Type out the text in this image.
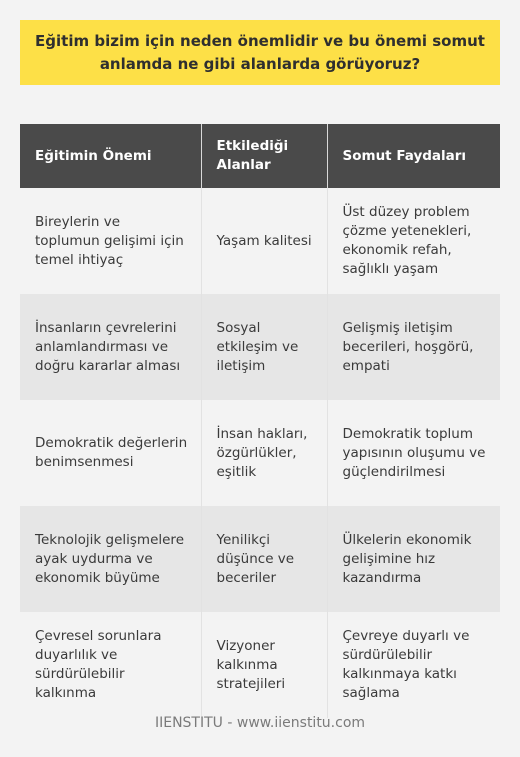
Eğitim bizim için neden önemlidir ve bu önemi somut anlamda ne gibi alanlarda görüyoruz?
Eğitimin Önemi	Etkilediği Alanlar	Somut Faydaları
Bireylerin ve toplumun gelişimi için temel ihtiyaç	Yaşam kalitesi	Üst düzey problem çözme yetenekleri, ekonomik refah, sağlıklı yaşam
İnsanların çevrelerini anlamlandırması ve doğru kararlar alması	Sosyal etkileşim ve iletişim	Gelişmiş iletişim becerileri, hoşgörü, empati
Demokratik değerlerin benimsenmesi	İnsan hakları, özgürlükler, eşitlik	Demokratik toplum yapısının oluşumu ve güçlendirilmesi
Teknolojik gelişmelere ayak uydurma ve ekonomik büyüme	Yenilikçi düşünce ve beceriler	Ülkelerin ekonomik gelişimine hız kazandırma
Çevresel sorunlara duyarlılık ve sürdürülebilir kalkınma	Vizyoner kalkınma stratejileri	Çevreye duyarlı ve sürdürülebilir kalkınmaya katkı sağlama
IIENSTITU - www.iienstitu.com
